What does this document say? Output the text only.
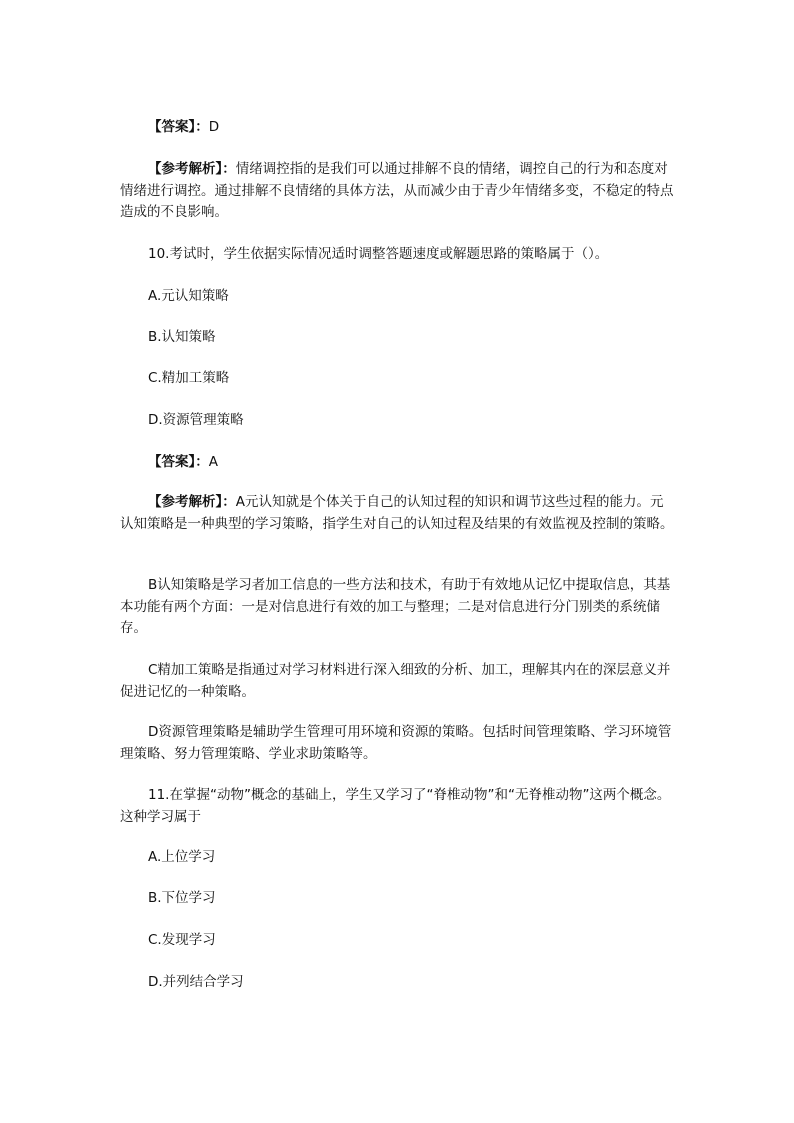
【答案】：D

【参考解析】：情绪调控指的是我们可以通过排解不良的情绪，调控自己的行为和态度对情绪进行调控。通过排解不良情绪的具体方法，从而减少由于青少年情绪多变，不稳定的特点造成的不良影响。

10.考试时，学生依据实际情况适时调整答题速度或解题思路的策略属于（）。

A.元认知策略

B.认知策略

C.精加工策略

D.资源管理策略

【答案】：A

【参考解析】：A元认知就是个体关于自己的认知过程的知识和调节这些过程的能力。元认知策略是一种典型的学习策略，指学生对自己的认知过程及结果的有效监视及控制的策略。

B认知策略是学习者加工信息的一些方法和技术，有助于有效地从记忆中提取信息，其基本功能有两个方面：一是对信息进行有效的加工与整理；二是对信息进行分门别类的系统储存。

C精加工策略是指通过对学习材料进行深入细致的分析、加工，理解其内在的深层意义并促进记忆的一种策略。

D资源管理策略是辅助学生管理可用环境和资源的策略。包括时间管理策略、学习环境管理策略、努力管理策略、学业求助策略等。

11.在掌握“动物”概念的基础上，学生又学习了“脊椎动物”和“无脊椎动物”这两个概念。这种学习属于

A.上位学习

B.下位学习

C.发现学习

D.并列结合学习
